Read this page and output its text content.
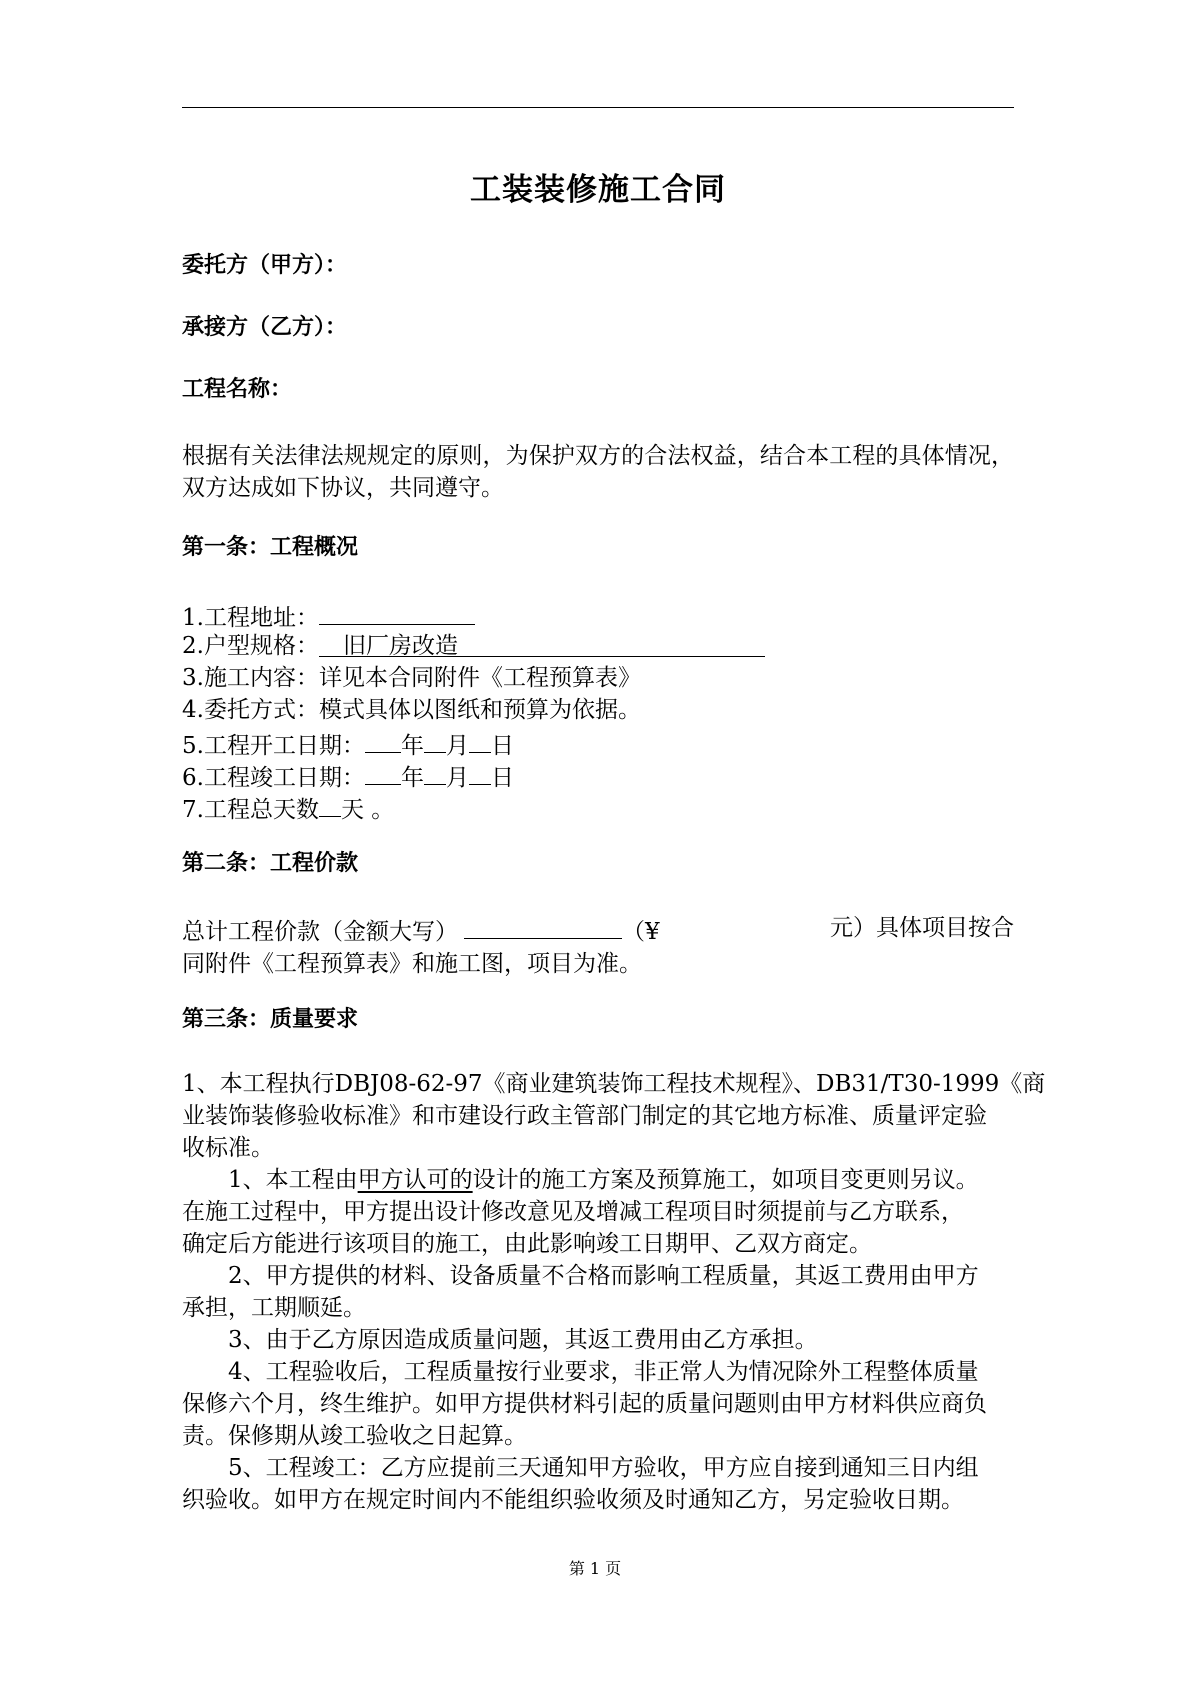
工装装修施工合同
委托方（甲方）：
承接方（乙方）：
工程名称：
根据有关法律法规规定的原则，为保护双方的合法权益，结合本工程的具体情况，双方达成如下协议，共同遵守。
第一条：工程概况
1.工程地址：
2.户型规格： 旧厂房改造
3.施工内容：详见本合同附件《工程预算表》
4.委托方式：模式具体以图纸和预算为依据。
5.工程开工日期： 年 月 日
6.工程竣工日期： 年 月 日
7.工程总天数 天 。
第二条：工程价款
总计工程价款（金额大写）	（¥	元）具体项目按合
同附件《工程预算表》和施工图，项目为准。
第三条：质量要求
1、本工程执行DBJ08-62-97《商业建筑装饰工程技术规程》、DB31/T30-1999《商
业装饰装修验收标准》和市建设行政主管部门制定的其它地方标准、质量评定验
收标准。
1、本工程由甲方认可的设计的施工方案及预算施工，如项目变更则另议。
在施工过程中，甲方提出设计修改意见及增减工程项目时须提前与乙方联系，
确定后方能进行该项目的施工，由此影响竣工日期甲、乙双方商定。
2、甲方提供的材料、设备质量不合格而影响工程质量，其返工费用由甲方
承担，工期顺延。
3、由于乙方原因造成质量问题，其返工费用由乙方承担。
4、工程验收后，工程质量按行业要求，非正常人为情况除外工程整体质量
保修六个月，终生维护。如甲方提供材料引起的质量问题则由甲方材料供应商负
责。保修期从竣工验收之日起算。
5、工程竣工：乙方应提前三天通知甲方验收，甲方应自接到通知三日内组
织验收。如甲方在规定时间内不能组织验收须及时通知乙方，另定验收日期。
第 1 页
